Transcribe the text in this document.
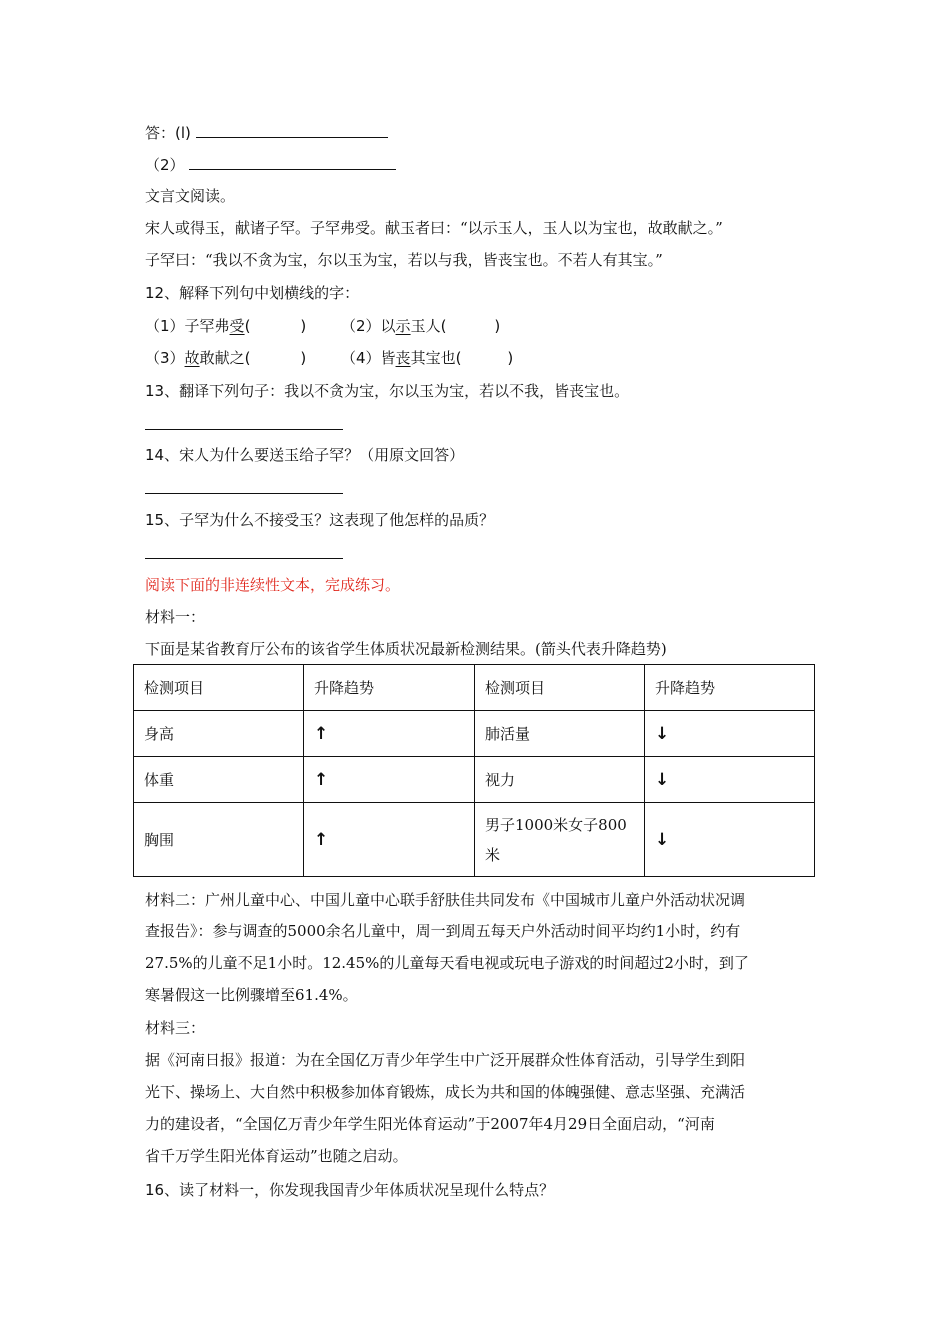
答：(l)
（2）
文言文阅读。
宋人或得玉，献诸子罕。子罕弗受。献玉者曰：“以示玉人，玉人以为宝也，故敢献之。”
子罕曰：“我以不贪为宝，尔以玉为宝，若以与我，皆丧宝也。不若人有其宝。”
12、解释下列句中划横线的字：
（1）子罕弗受(	) （2）以示玉人(	)
（3）故敢献之(	) （4）皆丧其宝也(	)
13、翻译下列句子：我以不贪为宝，尔以玉为宝，若以不我，皆丧宝也。
14、宋人为什么要送玉给子罕？（用原文回答）
15、子罕为什么不接受玉？这表现了他怎样的品质？
阅读下面的非连续性文本，完成练习。
材料一：
下面是某省教育厅公布的该省学生体质状况最新检测结果。(箭头代表升降趋势)
检测项目	升降趋势	检测项目	升降趋势
身高	↑	肺活量	↓
体重	↑	视力	↓
胸围	↑	男子1000米女子800米	↓
材料二：广州儿童中心、中国儿童中心联手舒肤佳共同发布《中国城市儿童户外活动状况调
查报告》：参与调查的5000余名儿童中，周一到周五每天户外活动时间平均约1小时，约有
27.5%的儿童不足1小时。12.45%的儿童每天看电视或玩电子游戏的时间超过2小时，到了
寒暑假这一比例骤增至61.4%。
材料三：
据《河南日报》报道：为在全国亿万青少年学生中广泛开展群众性体育活动，引导学生到阳
光下、操场上、大自然中积极参加体育锻炼，成长为共和国的体魄强健、意志坚强、充满活
力的建设者，“全国亿万青少年学生阳光体育运动”于2007年4月29日全面启动，“河南
省千万学生阳光体育运动”也随之启动。
16、读了材料一，你发现我国青少年体质状况呈现什么特点？
